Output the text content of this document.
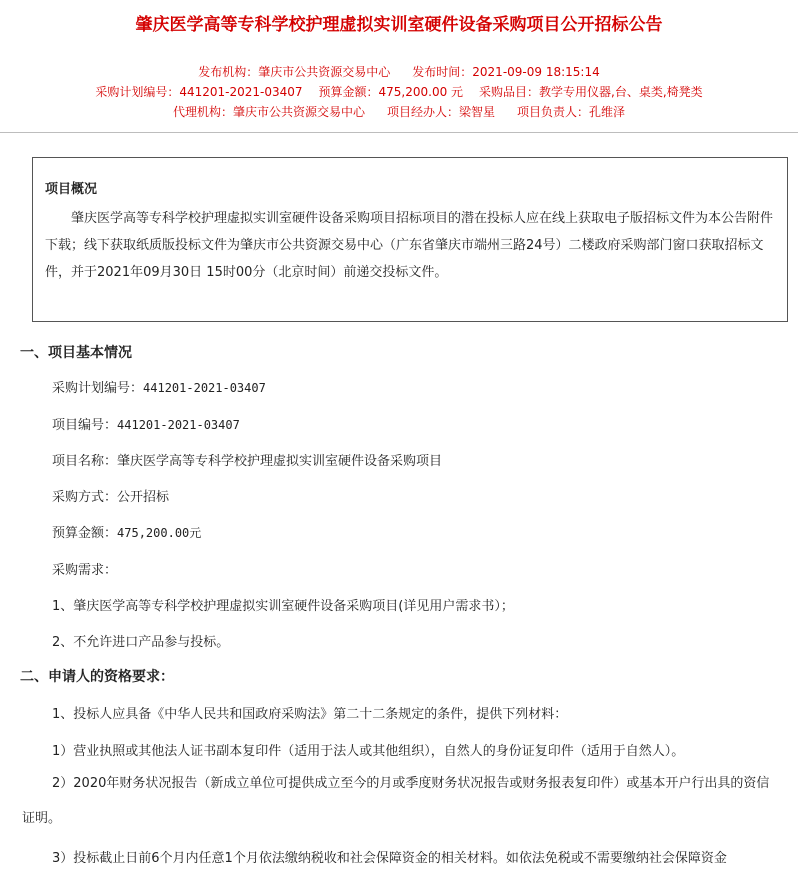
肇庆医学高等专科学校护理虚拟实训室硬件设备采购项目公开招标公告
发布机构：肇庆市公共资源交易中心 发布时间：2021-09-09 18:15:14
采购计划编号：441201-2021-03407 预算金额：475,200.00 元 采购品目：教学专用仪器,台、桌类,椅凳类
代理机构：肇庆市公共资源交易中心 项目经办人：梁智星 项目负责人：孔维泽
项目概况
肇庆医学高等专科学校护理虚拟实训室硬件设备采购项目招标项目的潜在投标人应在线上获取电子版招标文件为本公告附件下载；线下获取纸质版投标文件为肇庆市公共资源交易中心（广东省肇庆市端州三路24号）二楼政府采购部门窗口获取招标文件，并于2021年09月30日 15时00分（北京时间）前递交投标文件。
一、项目基本情况
采购计划编号：441201-2021-03407
项目编号：441201-2021-03407
项目名称：肇庆医学高等专科学校护理虚拟实训室硬件设备采购项目
采购方式：公开招标
预算金额：475,200.00元
采购需求：
1、肇庆医学高等专科学校护理虚拟实训室硬件设备采购项目(详见用户需求书）；
2、不允许进口产品参与投标。
二、申请人的资格要求：
1、投标人应具备《中华人民共和国政府采购法》第二十二条规定的条件，提供下列材料：
1）营业执照或其他法人证书副本复印件（适用于法人或其他组织），自然人的身份证复印件（适用于自然人）。
2）2020年财务状况报告（新成立单位可提供成立至今的月或季度财务状况报告或财务报表复印件）或基本开户行出具的资信证明。
3）投标截止日前6个月内任意1个月依法缴纳税收和社会保障资金的相关材料。如依法免税或不需要缴纳社会保障资金
